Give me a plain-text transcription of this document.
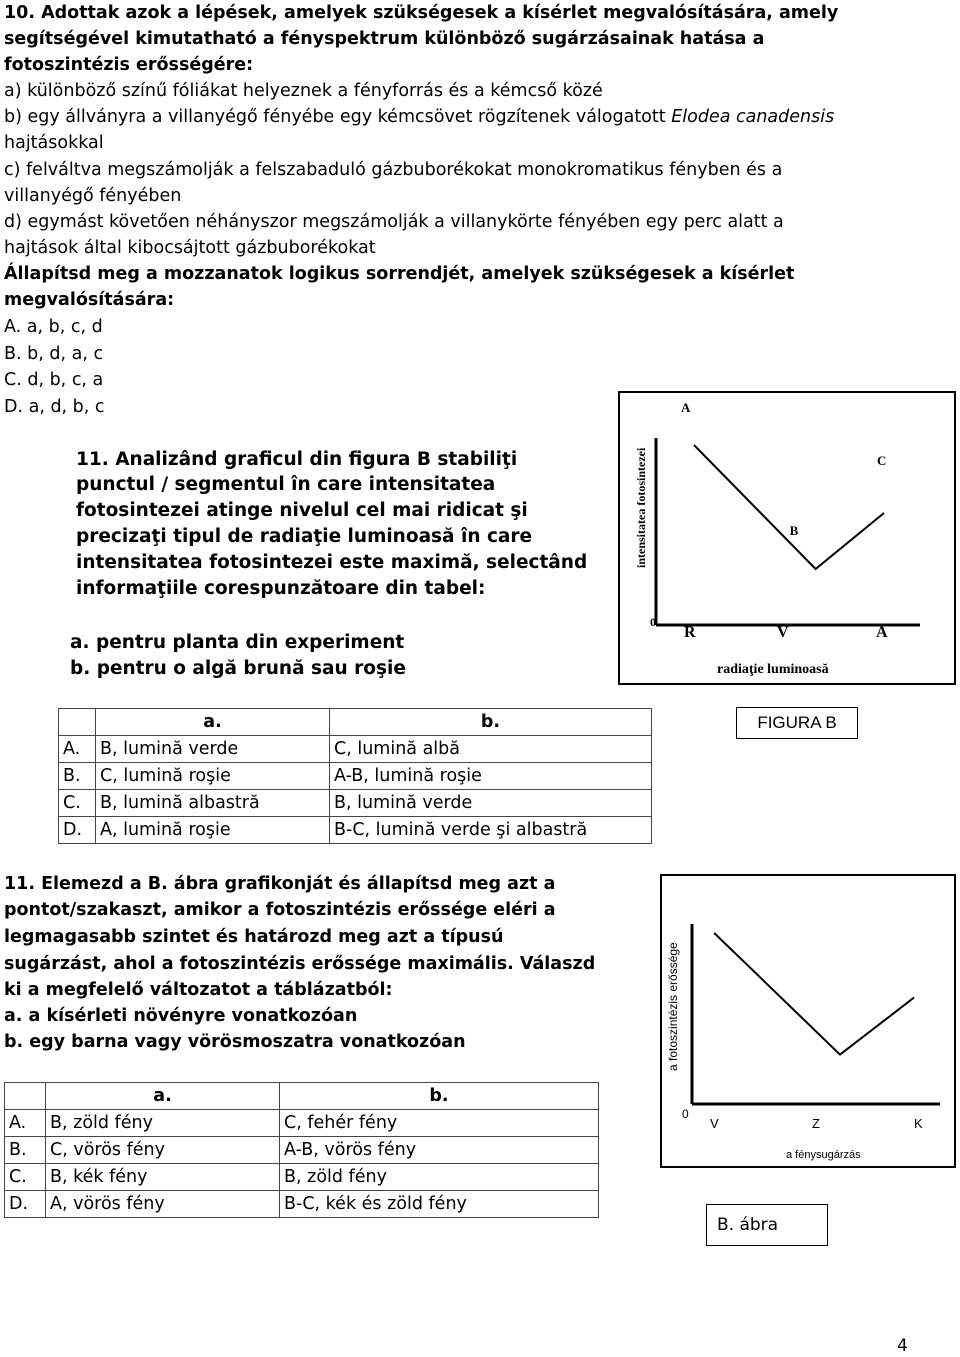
10. Adottak azok a lépések, amelyek szükségesek a kísérlet megvalósítására, amely
segítségével kimutatható a fényspektrum különböző sugárzásainak hatása a
fotoszintézis erősségére:
a) különböző színű fóliákat helyeznek a fényforrás és a kémcső közé
b) egy állványra a villanyégő fényébe egy kémcsövet rögzítenek válogatott Elodea canadensis
hajtásokkal
c) felváltva megszámolják a felszabaduló gázbuborékokat monokromatikus fényben és a
villanyégő fényében
d) egymást követően néhányszor megszámolják a villanykörte fényében egy perc alatt a
hajtások által kibocsájtott gázbuborékokat
Állapítsd meg a mozzanatok logikus sorrendjét, amelyek szükségesek a kísérlet
megvalósítására:
A. a, b, c, d
B. b, d, a, c
C. d, b, c, a
D. a, d, b, c
11. Analizând graficul din figura B stabiliţi
punctul / segmentul în care intensitatea
fotosintezei atinge nivelul cel mai ridicat şi
precizaţi tipul de radiaţie luminoasă în care
intensitatea fotosintezei este maximă, selectând
informaţiile corespunzătoare din tabel:
a. pentru planta din experiment
b. pentru o algă brună sau roşie
intensitatea fotosintezei
0
R	V	A
radiaţie luminoasă
A
B
C
	a.	b.
A.	B, lumină verde	C, lumină albă
B.	C, lumină roşie	A-B, lumină roşie
C.	B, lumină albastră	B, lumină verde
D.	A, lumină roşie	B-C, lumină verde şi albastră
FIGURA B
11. Elemezd a B. ábra grafikonját és állapítsd meg azt a
pontot/szakaszt, amikor a fotoszintézis erőssége eléri a
legmagasabb szintet és határozd meg azt a típusú
sugárzást, ahol a fotoszintézis erőssége maximális. Válaszd
ki a megfelelő változatot a táblázatból:
a. a kísérleti növényre vonatkozóan
b. egy barna vagy vörösmoszatra vonatkozóan	a fotoszintézis erőssége
0
V	Z	K
a fénysugárzás
	a.	b.
A.	B, zöld fény	C, fehér fény
B.	C, vörös fény	A-B, vörös fény
C.	B, kék fény	B, zöld fény
D.	A, vörös fény	B-C, kék és zöld fény
B. ábra
4
